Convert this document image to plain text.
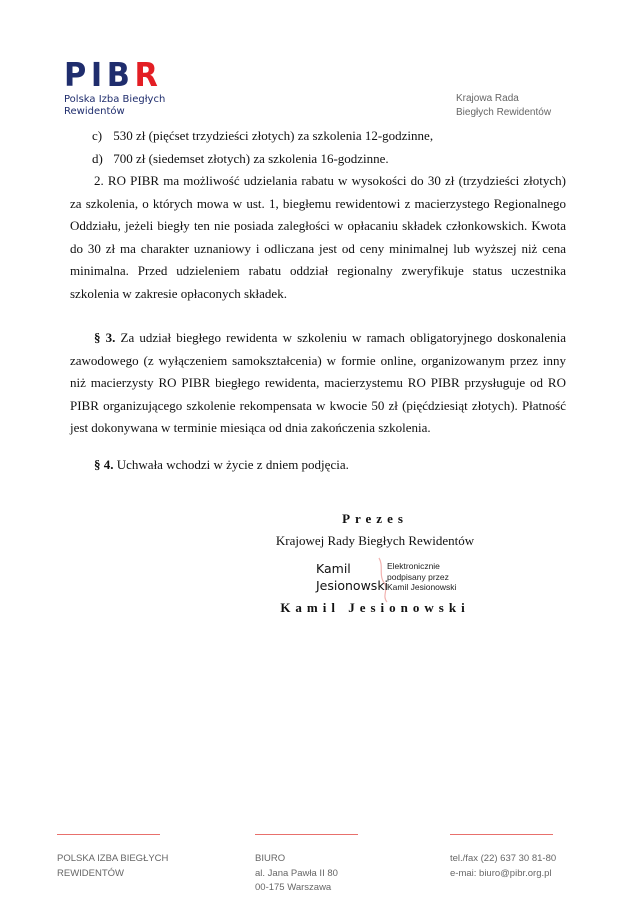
PIBR
Polska Izba Biegłych
Rewidentów
Krajowa Rada
Biegłych Rewidentów
c) 530 zł (pięćset trzydzieści złotych) za szkolenia 12-godzinne,
d) 700 zł (siedemset złotych) za szkolenia 16-godzinne.
2. RO PIBR ma możliwość udzielania rabatu w wysokości do 30 zł (trzydzieści złotych) za szkolenia, o których mowa w ust. 1, biegłemu rewidentowi z macierzystego Regionalnego Oddziału, jeżeli biegły ten nie posiada zaległości w opłacaniu składek członkowskich. Kwota do 30 zł ma charakter uznaniowy i odliczana jest od ceny minimalnej lub wyższej niż cena minimalna. Przed udzieleniem rabatu oddział regionalny zweryfikuje status uczestnika szkolenia w zakresie opłaconych składek.
§ 3. Za udział biegłego rewidenta w szkoleniu w ramach obligatoryjnego doskonalenia zawodowego (z wyłączeniem samokształcenia) w formie online, organizowanym przez inny niż macierzysty RO PIBR biegłego rewidenta, macierzystemu RO PIBR przysługuje od RO PIBR organizującego szkolenie rekompensata w kwocie 50 zł (pięćdziesiąt złotych). Płatność jest dokonywana w terminie miesiąca od dnia zakończenia szkolenia.
§ 4. Uchwała wchodzi w życie z dniem podjęcia.
Prezes
Krajowej Rady Biegłych Rewidentów
Kamil
Jesionowski
Elektronicznie
podpisany przez
Kamil Jesionowski
Kamil Jesionowski
POLSKA IZBA BIEGŁYCH
REWIDENTÓW
BIURO
al. Jana Pawła II 80
00-175 Warszawa
tel./fax (22) 637 30 81-80
e-mai: biuro@pibr.org.pl
